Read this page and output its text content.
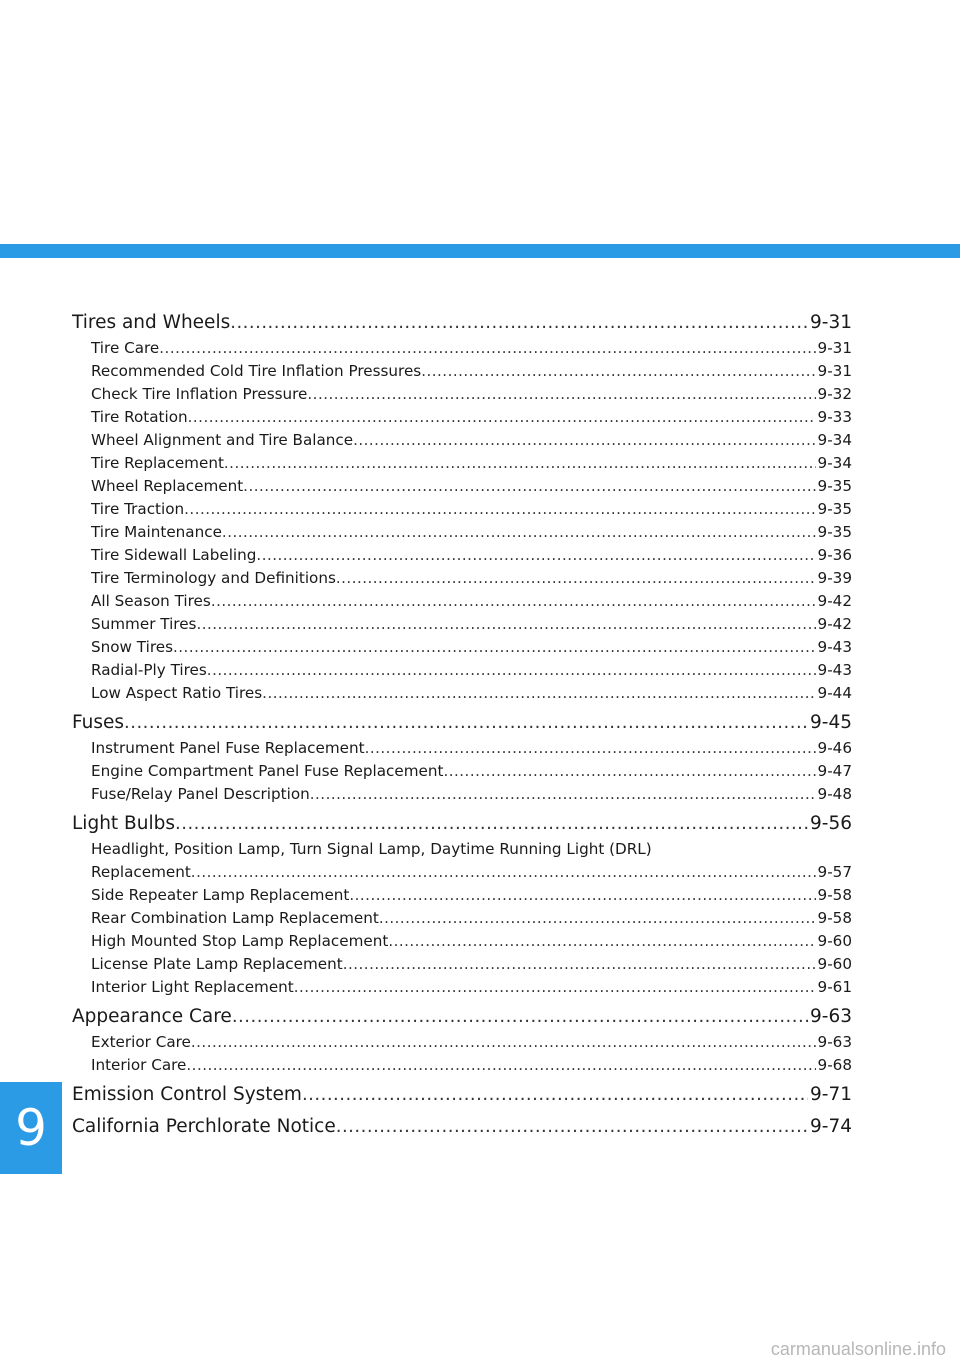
Tires and Wheels .....	9-31
Tire Care .....	9-31
Recommended Cold Tire Inflation Pressures .....	9-31
Check Tire Inflation Pressure .....	9-32
Tire Rotation .....	9-33
Wheel Alignment and Tire Balance .....	9-34
Tire Replacement .....	9-34
Wheel Replacement .....	9-35
Tire Traction .....	9-35
Tire Maintenance .....	9-35
Tire Sidewall Labeling .....	9-36
Tire Terminology and Definitions .....	9-39
All Season Tires .....	9-42
Summer Tires .....	9-42
Snow Tires .....	9-43
Radial-Ply Tires .....	9-43
Low Aspect Ratio Tires .....	9-44
Fuses .....	9-45
Instrument Panel Fuse Replacement .....	9-46
Engine Compartment Panel Fuse Replacement .....	9-47
Fuse/Relay Panel Description .....	9-48
Light Bulbs .....	9-56
Headlight, Position Lamp, Turn Signal Lamp, Daytime Running Light (DRL)
Replacement .....	9-57
Side Repeater Lamp Replacement .....	9-58
Rear Combination Lamp Replacement .....	9-58
High Mounted Stop Lamp Replacement .....	9-60
License Plate Lamp Replacement .....	9-60
Interior Light Replacement .....	9-61
Appearance Care .....	9-63
Exterior Care .....	9-63
Interior Care .....	9-68
Emission Control System .....	9-71
California Perchlorate Notice .....	9-74
9
carmanualsonline.info
